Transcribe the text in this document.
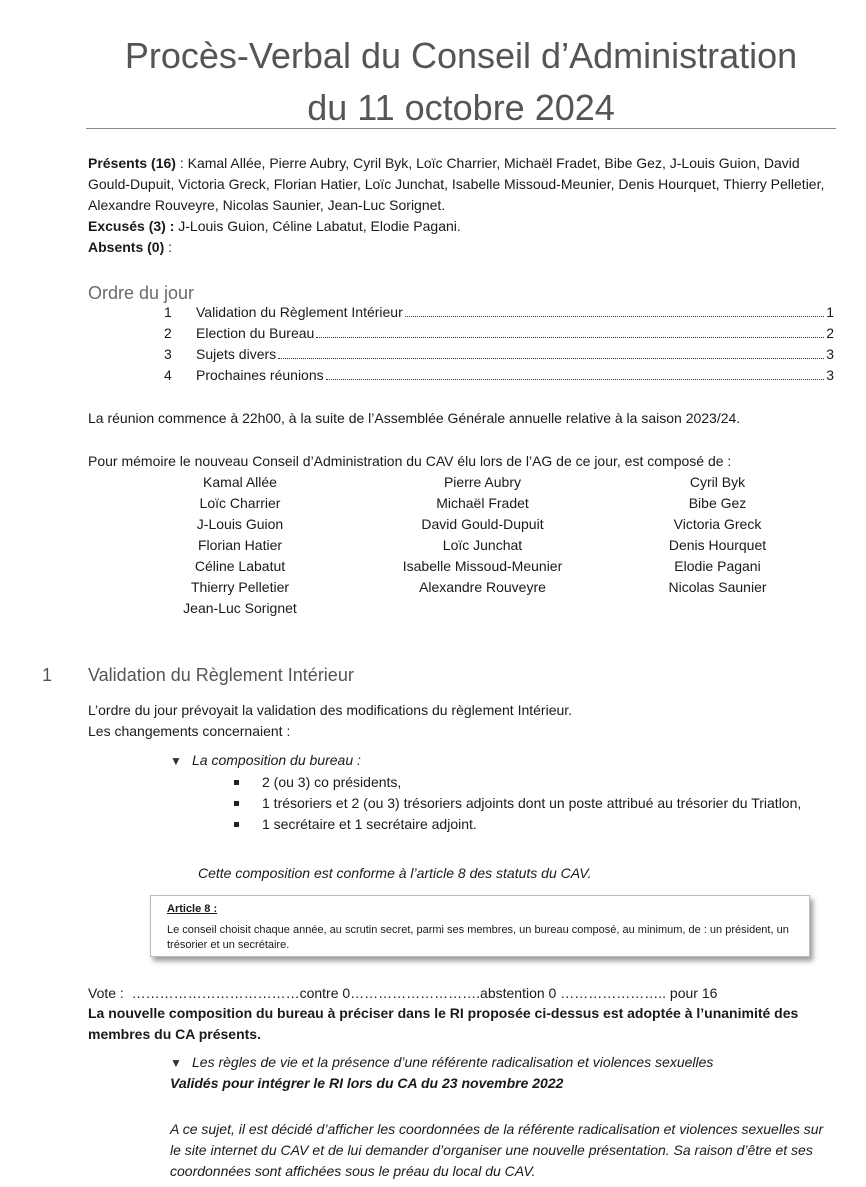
Procès-Verbal du Conseil d’Administration
du 11 octobre 2024

Présents (16) : Kamal Allée, Pierre Aubry, Cyril Byk, Loïc Charrier, Michaël Fradet, Bibe Gez, J-Louis Guion, David Gould-Dupuit, Victoria Greck, Florian Hatier, Loïc Junchat, Isabelle Missoud-Meunier, Denis Hourquet, Thierry Pelletier, Alexandre Rouveyre, Nicolas Saunier, Jean-Luc Sorignet.

Excusés (3) : J-Louis Guion, Céline Labatut, Elodie Pagani.

Absents (0) :

Ordre du jour
1	Validation du Règlement Intérieur	1
2	Election du Bureau	2
3	Sujets divers	3
4	Prochaines réunions	3

La réunion commence à 22h00, à la suite de l’Assemblée Générale annuelle relative à la saison 2023/24.

Pour mémoire le nouveau Conseil d’Administration du CAV élu lors de l’AG de ce jour, est composé de :

Kamal Allée	Pierre Aubry	Cyril Byk
Loïc Charrier	Michaël Fradet	Bibe Gez
J-Louis Guion	David Gould-Dupuit	Victoria Greck
Florian Hatier	Loïc Junchat	Denis Hourquet
Céline Labatut	Isabelle Missoud-Meunier	Elodie Pagani
Thierry Pelletier	Alexandre Rouveyre	Nicolas Saunier
Jean-Luc Sorignet
1 Validation du Règlement Intérieur

L’ordre du jour prévoyait la validation des modifications du règlement Intérieur.

Les changements concernaient :

▼ La composition du bureau :

2 (ou 3) co présidents,
1 trésoriers et 2 (ou 3) trésoriers adjoints dont un poste attribué au trésorier du Triatlon,
1 secrétaire et 1 secrétaire adjoint.

Cette composition est conforme à l’article 8 des statuts du CAV.

Article 8 :
Le conseil choisit chaque année, au scrutin secret, parmi ses membres, un bureau composé, au minimum, de : un président, un trésorier et un secrétaire.
Vote :  ………………………………contre 0……………………….abstention 0 ………………….. pour 16

La nouvelle composition du bureau à préciser dans le RI proposée ci-dessus est adoptée à l’unanimité des membres du CA présents.

▼ Les règles de vie et la présence d’une référente radicalisation et violences sexuelles

Validés pour intégrer le RI lors du CA du 23 novembre 2022

A ce sujet, il est décidé d’afficher les coordonnées de la référente radicalisation et violences sexuelles sur le site internet du CAV et de lui demander d’organiser une nouvelle présentation. Sa raison d’être et ses coordonnées sont affichées sous le préau du local du CAV.
